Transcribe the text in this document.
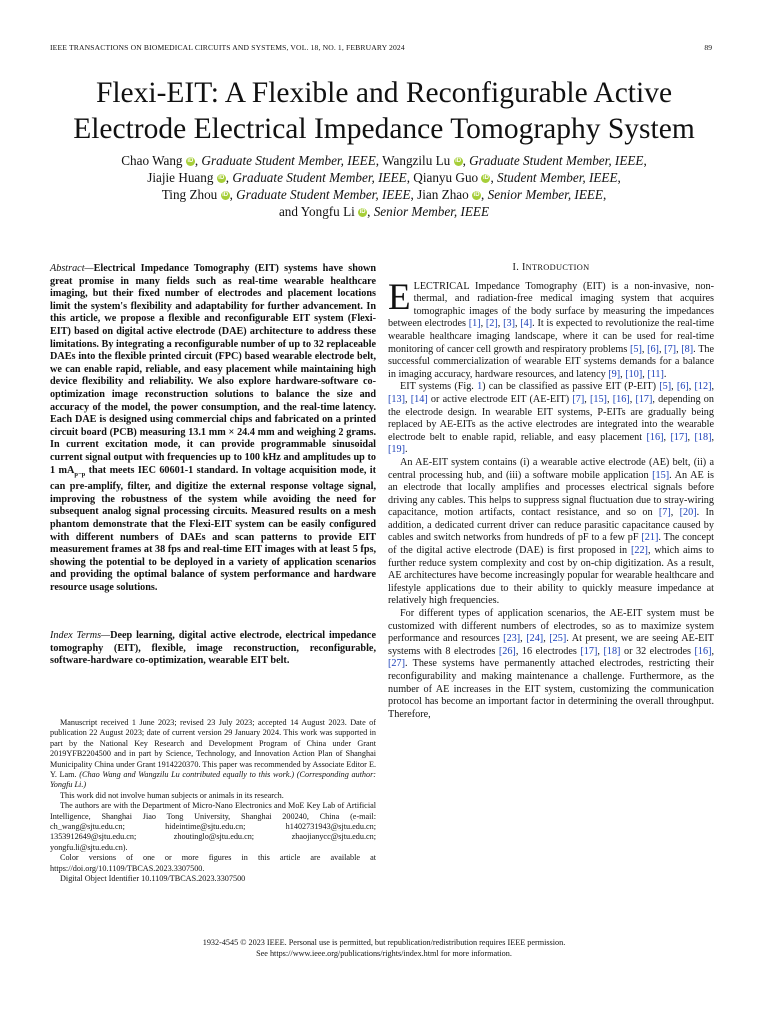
IEEE TRANSACTIONS ON BIOMEDICAL CIRCUITS AND SYSTEMS, VOL. 18, NO. 1, FEBRUARY 2024	89
Flexi-EIT: A Flexible and Reconfigurable Active
Electrode Electrical Impedance Tomography System
Chao Wang iD , Graduate Student Member, IEEE, Wangzilu Lu iD , Graduate Student Member, IEEE,
Jiajie Huang iD , Graduate Student Member, IEEE, Qianyu Guo iD , Student Member, IEEE,
Ting Zhou iD , Graduate Student Member, IEEE, Jian Zhao iD , Senior Member, IEEE,
and Yongfu Li iD , Senior Member, IEEE
Abstract—Electrical Impedance Tomography (EIT) systems have shown great promise in many fields such as real-time wearable healthcare imaging, but their fixed number of electrodes and placement locations limit the system's flexibility and adaptability for further advancement. In this article, we propose a flexible and reconfigurable EIT system (Flexi-EIT) based on digital active electrode (DAE) architecture to address these limitations. By integrating a reconfigurable number of up to 32 replaceable DAEs into the flexible printed circuit (FPC) based wearable electrode belt, we can enable rapid, reliable, and easy placement while maintaining high device flexibility and reliability. We also explore hardware-software co-optimization image reconstruction solutions to balance the size and accuracy of the model, the power consumption, and the real-time latency. Each DAE is designed using commercial chips and fabricated on a printed circuit board (PCB) measuring 13.1 mm × 24.4 mm and weighing 2 grams. In current excitation mode, it can provide programmable sinusoidal current signal output with frequencies up to 100 kHz and amplitudes up to 1 $mA_{p-p}$ that meets IEC 60601-1 standard. In voltage acquisition mode, it can pre-amplify, filter, and digitize the external response voltage signal, improving the robustness of the system while avoiding the need for subsequent analog signal processing circuits. Measured results on a mesh phantom demonstrate that the Flexi-EIT system can be easily configured with different numbers of DAEs and scan patterns to provide EIT measurement frames at 38 fps and real-time EIT images with at least 5 fps, showing the potential to be deployed in a variety of application scenarios and providing the optimal balance of system performance and hardware resource usage solutions.
Index Terms—Deep learning, digital active electrode, electrical impedance tomography (EIT), flexible, image reconstruction, reconfigurable, software-hardware co-optimization, wearable EIT belt.

Manuscript received 1 June 2023; revised 23 July 2023; accepted 14 August 2023. Date of publication 22 August 2023; date of current version 29 January 2024. This work was supported in part by the National Key Research and Development Program of China under Grant 2019YFB2204500 and in part by Science, Technology, and Innovation Action Plan of Shanghai Municipality China under Grant 1914220370. This paper was recommended by Associate Editor E. Y. Lam. (Chao Wang and Wangzilu Lu contributed equally to this work.) (Corresponding author: Yongfu Li.)

This work did not involve human subjects or animals in its research.

The authors are with the Department of Micro-Nano Electronics and MoE Key Lab of Artificial Intelligence, Shanghai Jiao Tong University, Shanghai 200240, China (e-mail: ch_wang@sjtu.edu.cn; hideintime@sjtu.edu.cn; h1402731943@sjtu.edu.cn; 1353912649@sjtu.edu.cn; zhoutinglo@sjtu.edu.cn; zhaojianycc@sjtu.edu.cn; yongfu.li@sjtu.edu.cn).

Color versions of one or more figures in this article are available at https://doi.org/10.1109/TBCAS.2023.3307500.

Digital Object Identifier 10.1109/TBCAS.2023.3307500

I. INTRODUCTION

ELECTRICAL Impedance Tomography (EIT) is a non-invasive, non-thermal, and radiation-free medical imaging system that acquires tomographic images of the body surface by measuring the impedances between electrodes [1], [2], [3], [4]. It is expected to revolutionize the real-time wearable healthcare imaging landscape, where it can be used for real-time monitoring of cancer cell growth and respiratory problems [5], [6], [7], [8]. The successful commercialization of wearable EIT systems demands for a balance in imaging accuracy, hardware resources, and latency [9], [10], [11].

EIT systems (Fig. 1) can be classified as passive EIT (P-EIT) [5], [6], [12], [13], [14] or active electrode EIT (AE-EIT) [7], [15], [16], [17], depending on the electrode design. In wearable EIT systems, P-EITs are gradually being replaced by AE-EITs as the active electrodes are integrated into the wearable electrode belt to enable rapid, reliable, and easy placement [16], [17], [18], [19].

An AE-EIT system contains (i) a wearable active electrode (AE) belt, (ii) a central processing hub, and (iii) a software mobile application [15]. An AE is an electrode that locally amplifies and processes electrical signals before driving any cables. This helps to suppress signal fluctuation due to stray-wiring capacitance, motion artifacts, contact resistance, and so on [7], [20]. In addition, a dedicated current driver can reduce parasitic capacitance caused by cables and switch networks from hundreds of pF to a few pF [21]. The concept of the digital active electrode (DAE) is first proposed in [22], which aims to further reduce system complexity and cost by on-chip digitization. As a result, AE architectures have become increasingly popular for wearable healthcare and lifestyle applications due to their ability to quickly measure impedance at relatively high frequencies.

For different types of application scenarios, the AE-EIT system must be customized with different numbers of electrodes, so as to maximize system performance and resources [23], [24], [25]. At present, we are seeing AE-EIT systems with 8 electrodes [26], 16 electrodes [17], [18] or 32 electrodes [16], [27]. These systems have permanently attached electrodes, restricting their reconfigurability and making maintenance a challenge. Furthermore, as the number of AE increases in the EIT system, customizing the communication protocol has become an important factor in determining the overall throughput. Therefore,

1932-4545 © 2023 IEEE. Personal use is permitted, but republication/redistribution requires IEEE permission.
See https://www.ieee.org/publications/rights/index.html for more information.
